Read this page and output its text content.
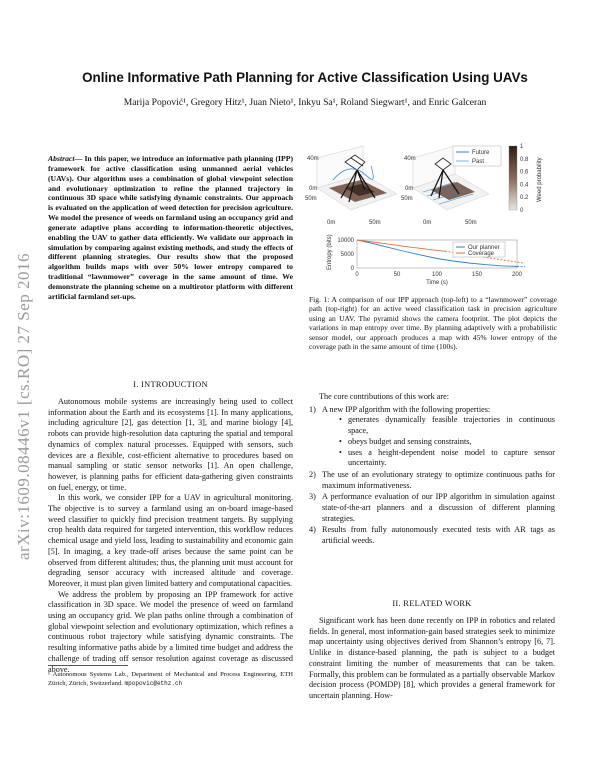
Online Informative Path Planning for Active Classification Using UAVs
Marija Popović¹, Gregory Hitz¹, Juan Nieto¹, Inkyu Sa¹, Roland Siegwart¹, and Enric Galceran
arXiv:1609.08446v1 [cs.RO] 27 Sep 2016
Abstract— In this paper, we introduce an informative path planning (IPP) framework for active classification using unmanned aerial vehicles (UAVs). Our algorithm uses a combination of global viewpoint selection and evolutionary optimization to refine the planned trajectory in continuous 3D space while satisfying dynamic constraints. Our approach is evaluated on the application of weed detection for precision agriculture. We model the presence of weeds on farmland using an occupancy grid and generate adaptive plans according to information-theoretic objectives, enabling the UAV to gather data efficiently. We validate our approach in simulation by comparing against existing methods, and study the effects of different planning strategies. Our results show that the proposed algorithm builds maps with over 50% lower entropy compared to traditional “lawnmower” coverage in the same amount of time. We demonstrate the planning scheme on a multirotor platform with different artificial farmland set-ups.
I. INTRODUCTION

Autonomous mobile systems are increasingly being used to collect information about the Earth and its ecosystems [1]. In many applications, including agriculture [2], gas detection [1, 3], and marine biology [4], robots can provide high-resolution data capturing the spatial and temporal dynamics of complex natural processes. Equipped with sensors, such devices are a flexible, cost-efficient alternative to procedures based on manual sampling or static sensor networks [1]. An open challenge, however, is planning paths for efficient data-gathering given constraints on fuel, energy, or time.

In this work, we consider IPP for a UAV in agricultural monitoring. The objective is to survey a farmland using an on-board image-based weed classifier to quickly find precision treatment targets. By supplying crop health data required for targeted intervention, this workflow reduces chemical usage and yield loss, leading to sustainability and economic gain [5]. In imaging, a key trade-off arises because the same point can be observed from different altitudes; thus, the planning unit must account for degrading sensor accuracy with increased altitude and coverage. Moreover, it must plan given limited battery and computational capacities.

We address the problem by proposing an IPP framework for active classification in 3D space. We model the presence of weed on farmland using an occupancy grid. We plan paths online through a combination of global viewpoint selection and evolutionary optimization, which refines a continuous robot trajectory while satisfying dynamic constraints. The resulting informative paths abide by a limited time budget and address the challenge of trading off sensor resolution against coverage as discussed above.

¹ Autonomous Systems Lab., Department of Mechanical and Process Engineering, ETH Zürich, Zürich, Switzerland. mpopovic@ethz.ch
40m
0m
50m
0m	50m
40m
0m
50m
0m	50m
Future
Past
1
0.8
0.6
0.4
0.2
0
Weed probability
0	50	100	150	200
10000
5000
0
Time (s)
Entropy (bits)	Our planner
Coverage
Fig. 1: A comparison of our IPP approach (top-left) to a “lawnmower” coverage path (top-right) for an active weed classification task in precision agriculture using an UAV. The pyramid shows the camera footprint. The plot depicts the variations in map entropy over time. By planning adaptively with a probabilistic sensor model, our approach produces a map with 45% lower entropy of the coverage path in the same amount of time (100s).

The core contributions of this work are:

1) A new IPP algorithm with the following properties:
• generates dynamically feasible trajectories in continuous space,
• obeys budget and sensing constraints,
• uses a height-dependent noise model to capture sensor uncertainty.
2) The use of an evolutionary strategy to optimize continuous paths for maximum informativeness.
3) A performance evaluation of our IPP algorithm in simulation against state-of-the-art planners and a discussion of different planning strategies.
4) Results from fully autonomously executed tests with AR tags as artificial weeds.
II. RELATED WORK

Significant work has been done recently on IPP in robotics and related fields. In general, most information-gain based strategies seek to minimize map uncertainty using objectives derived from Shannon’s entropy [6, 7]. Unlike in distance-based planning, the path is subject to a budget constraint limiting the number of measurements that can be taken. Formally, this problem can be formulated as a partially observable Markov decision process (POMDP) [8], which provides a general framework for uncertain planning. How-
